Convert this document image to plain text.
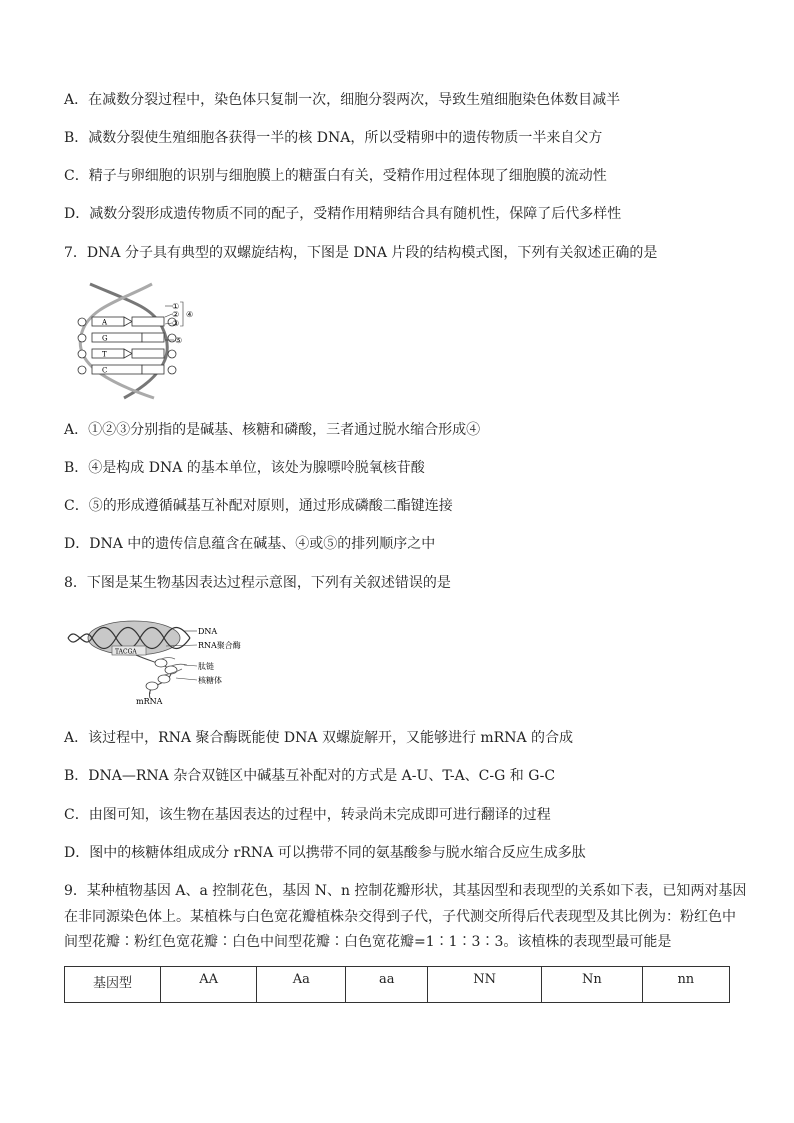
A．在减数分裂过程中，染色体只复制一次，细胞分裂两次，导致生殖细胞染色体数目减半
B．减数分裂使生殖细胞各获得一半的核 DNA，所以受精卵中的遗传物质一半来自父方
C．精子与卵细胞的识别与细胞膜上的糖蛋白有关，受精作用过程体现了细胞膜的流动性
D．减数分裂形成遗传物质不同的配子，受精作用精卵结合具有随机性，保障了后代多样性
7．DNA 分子具有典型的双螺旋结构，下图是 DNA 片段的结构模式图，下列有关叙述正确的是
A
G
T
C
①
②
③
④
⑤
A．①②③分别指的是碱基、核糖和磷酸，三者通过脱水缩合形成④
B．④是构成 DNA 的基本单位，该处为腺嘌呤脱氧核苷酸
C．⑤的形成遵循碱基互补配对原则，通过形成磷酸二酯键连接
D．DNA 中的遗传信息蕴含在碱基、④或⑤的排列顺序之中
8．下图是某生物基因表达过程示意图，下列有关叙述错误的是
TACGA
DNA
RNA聚合酶
肽链
核糖体
mRNA
A．该过程中，RNA 聚合酶既能使 DNA 双螺旋解开，又能够进行 mRNA 的合成
B．DNA—RNA 杂合双链区中碱基互补配对的方式是 A-U、T-A、C-G 和 G-C
C．由图可知，该生物在基因表达的过程中，转录尚未完成即可进行翻译的过程
D．图中的核糖体组成成分 rRNA 可以携带不同的氨基酸参与脱水缩合反应生成多肽
9．某种植物基因 A、a 控制花色，基因 N、n 控制花瓣形状，其基因型和表现型的关系如下表，已知两对基因
在非同源染色体上。某植株与白色宽花瓣植株杂交得到子代，子代测交所得后代表现型及其比例为：粉红色中
间型花瓣∶粉红色宽花瓣∶白色中间型花瓣∶白色宽花瓣=1∶1∶3∶3。该植株的表现型最可能是
基因型	AA	Aa	aa	NN	Nn	nn
